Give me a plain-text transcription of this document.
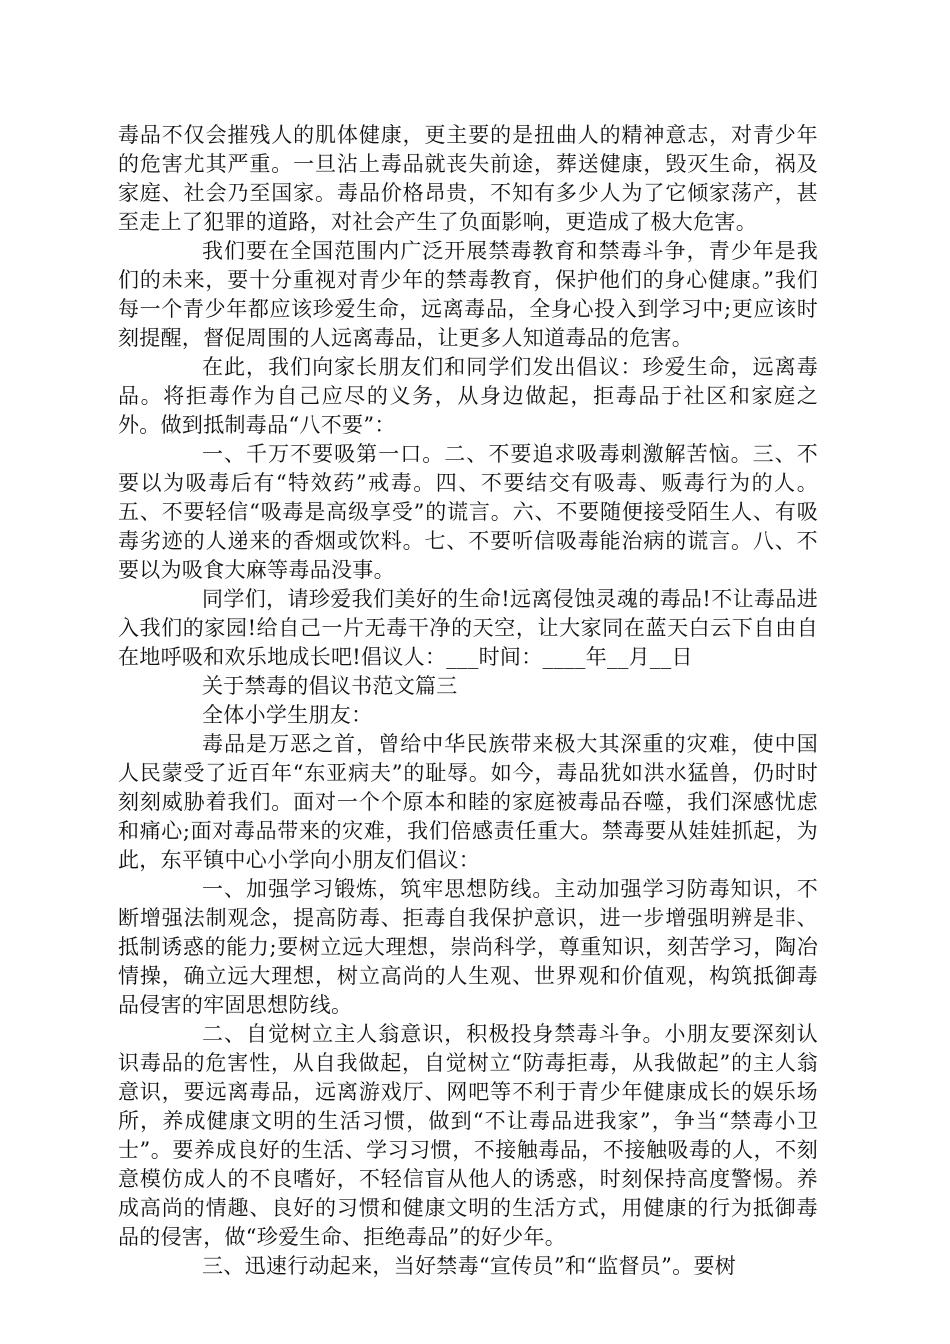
毒品不仅会摧残人的肌体健康，更主要的是扭曲人的精神意志，对青少年的危害尤其严重。一旦沾上毒品就丧失前途，葬送健康，毁灭生命，祸及家庭、社会乃至国家。毒品价格昂贵，不知有多少人为了它倾家荡产，甚至走上了犯罪的道路，对社会产生了负面影响，更造成了极大危害。

我们要在全国范围内广泛开展禁毒教育和禁毒斗争，青少年是我们的未来，要十分重视对青少年的禁毒教育，保护他们的身心健康。”我们每一个青少年都应该珍爱生命，远离毒品，全身心投入到学习中;更应该时刻提醒，督促周围的人远离毒品，让更多人知道毒品的危害。

在此，我们向家长朋友们和同学们发出倡议：珍爱生命，远离毒品。将拒毒作为自己应尽的义务，从身边做起，拒毒品于社区和家庭之外。做到抵制毒品“八不要”：

一、千万不要吸第一口。二、不要追求吸毒刺激解苦恼。三、不要以为吸毒后有“特效药”戒毒。四、不要结交有吸毒、贩毒行为的人。五、不要轻信“吸毒是高级享受”的谎言。六、不要随便接受陌生人、有吸毒劣迹的人递来的香烟或饮料。七、不要听信吸毒能治病的谎言。八、不要以为吸食大麻等毒品没事。

同学们，请珍爱我们美好的生命!远离侵蚀灵魂的毒品!不让毒品进入我们的家园!给自己一片无毒干净的天空，让大家同在蓝天白云下自由自在地呼吸和欢乐地成长吧!倡议人：___时间：____年__月__日

关于禁毒的倡议书范文篇三

全体小学生朋友：

毒品是万恶之首，曾给中华民族带来极大其深重的灾难，使中国人民蒙受了近百年“东亚病夫”的耻辱。如今，毒品犹如洪水猛兽，仍时时刻刻威胁着我们。面对一个个原本和睦的家庭被毒品吞噬，我们深感忧虑和痛心;面对毒品带来的灾难，我们倍感责任重大。禁毒要从娃娃抓起，为此，东平镇中心小学向小朋友们倡议：

一、加强学习锻炼，筑牢思想防线。主动加强学习防毒知识，不断增强法制观念，提高防毒、拒毒自我保护意识，进一步增强明辨是非、抵制诱惑的能力;要树立远大理想，崇尚科学，尊重知识，刻苦学习，陶冶情操，确立远大理想，树立高尚的人生观、世界观和价值观，构筑抵御毒品侵害的牢固思想防线。

二、自觉树立主人翁意识，积极投身禁毒斗争。小朋友要深刻认识毒品的危害性，从自我做起，自觉树立“防毒拒毒，从我做起”的主人翁意识，要远离毒品，远离游戏厅、网吧等不利于青少年健康成长的娱乐场所，养成健康文明的生活习惯，做到“不让毒品进我家”，争当“禁毒小卫士”。要养成良好的生活、学习习惯，不接触毒品，不接触吸毒的人，不刻意模仿成人的不良嗜好，不轻信盲从他人的诱惑，时刻保持高度警惕。养成高尚的情趣、良好的习惯和健康文明的生活方式，用健康的行为抵御毒品的侵害，做“珍爱生命、拒绝毒品”的好少年。

三、迅速行动起来，当好禁毒“宣传员”和“监督员”。要树
